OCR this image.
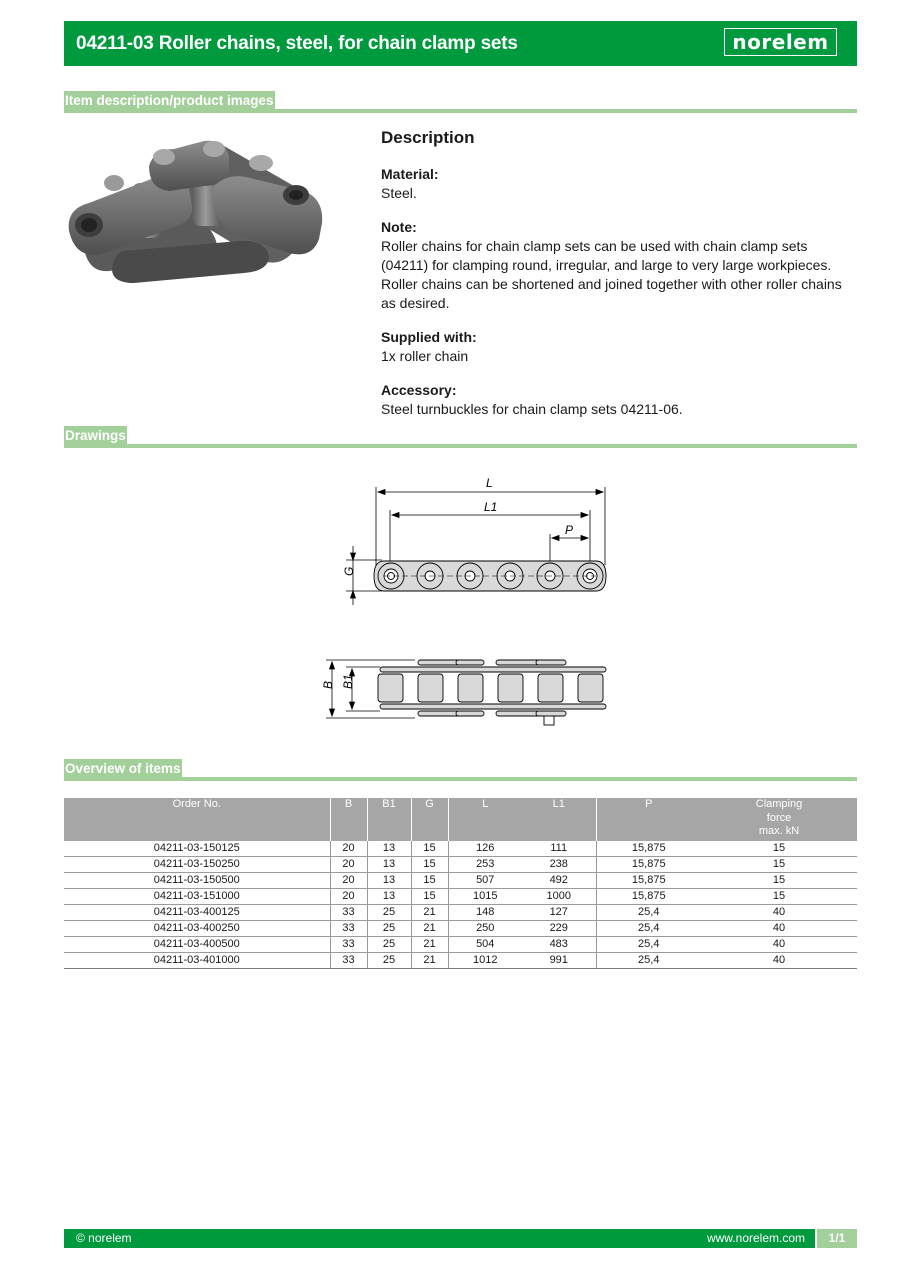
04211-03 Roller chains, steel, for chain clamp sets	norelem
Item description/product images
Description
Material:
Steel.
Note:
Roller chains for chain clamp sets can be used with chain clamp sets (04211) for clamping round, irregular, and large to very large workpieces. Roller chains can be shortened and joined together with other roller chains as desired.
Supplied with:
1x roller chain
Accessory:
Steel turnbuckles for chain clamp sets 04211-06.
Drawings
L
L1
P
G
B B1
Overview of items
Order No.	B	B1	G	L	L1	P	Clamping
force
max. kN
04211-03-150125	20	13	15	126	111	15,875	15
04211-03-150250	20	13	15	253	238	15,875	15
04211-03-150500	20	13	15	507	492	15,875	15
04211-03-151000	20	13	15	1015	1000	15,875	15
04211-03-400125	33	25	21	148	127	25,4	40
04211-03-400250	33	25	21	250	229	25,4	40
04211-03-400500	33	25	21	504	483	25,4	40
04211-03-401000	33	25	21	1012	991	25,4	40
© norelem	www.norelem.com	1/1
